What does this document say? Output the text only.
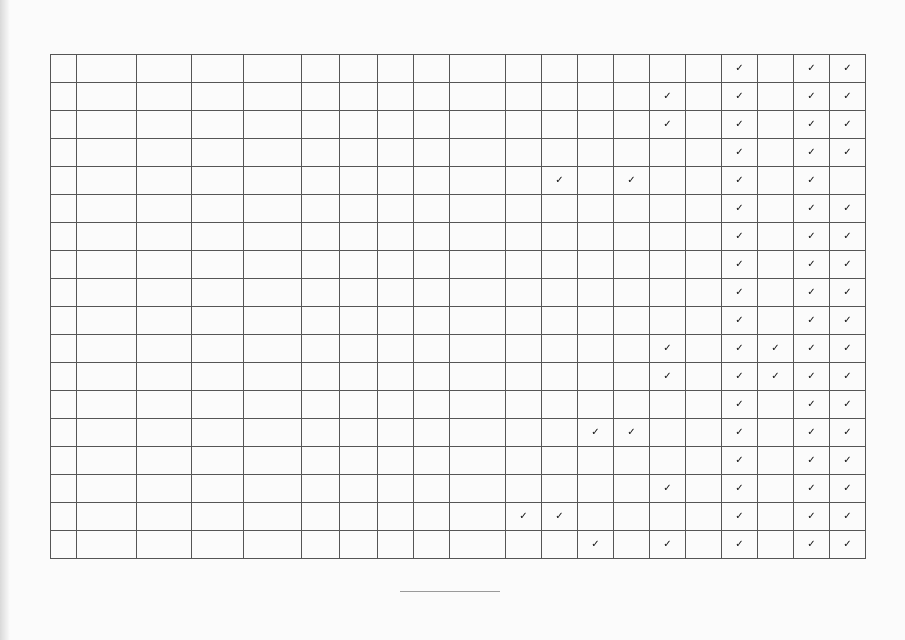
																✓		✓	✓
														✓		✓		✓	✓
														✓		✓		✓	✓
																✓		✓	✓
											✓		✓			✓		✓	
																✓		✓	✓
																✓		✓	✓
																✓		✓	✓
																✓		✓	✓
																✓		✓	✓
														✓		✓	✓	✓	✓
														✓		✓	✓	✓	✓
																✓		✓	✓
												✓	✓			✓		✓	✓
																✓		✓	✓
														✓		✓		✓	✓
										✓	✓					✓		✓	✓
												✓		✓		✓		✓	✓
